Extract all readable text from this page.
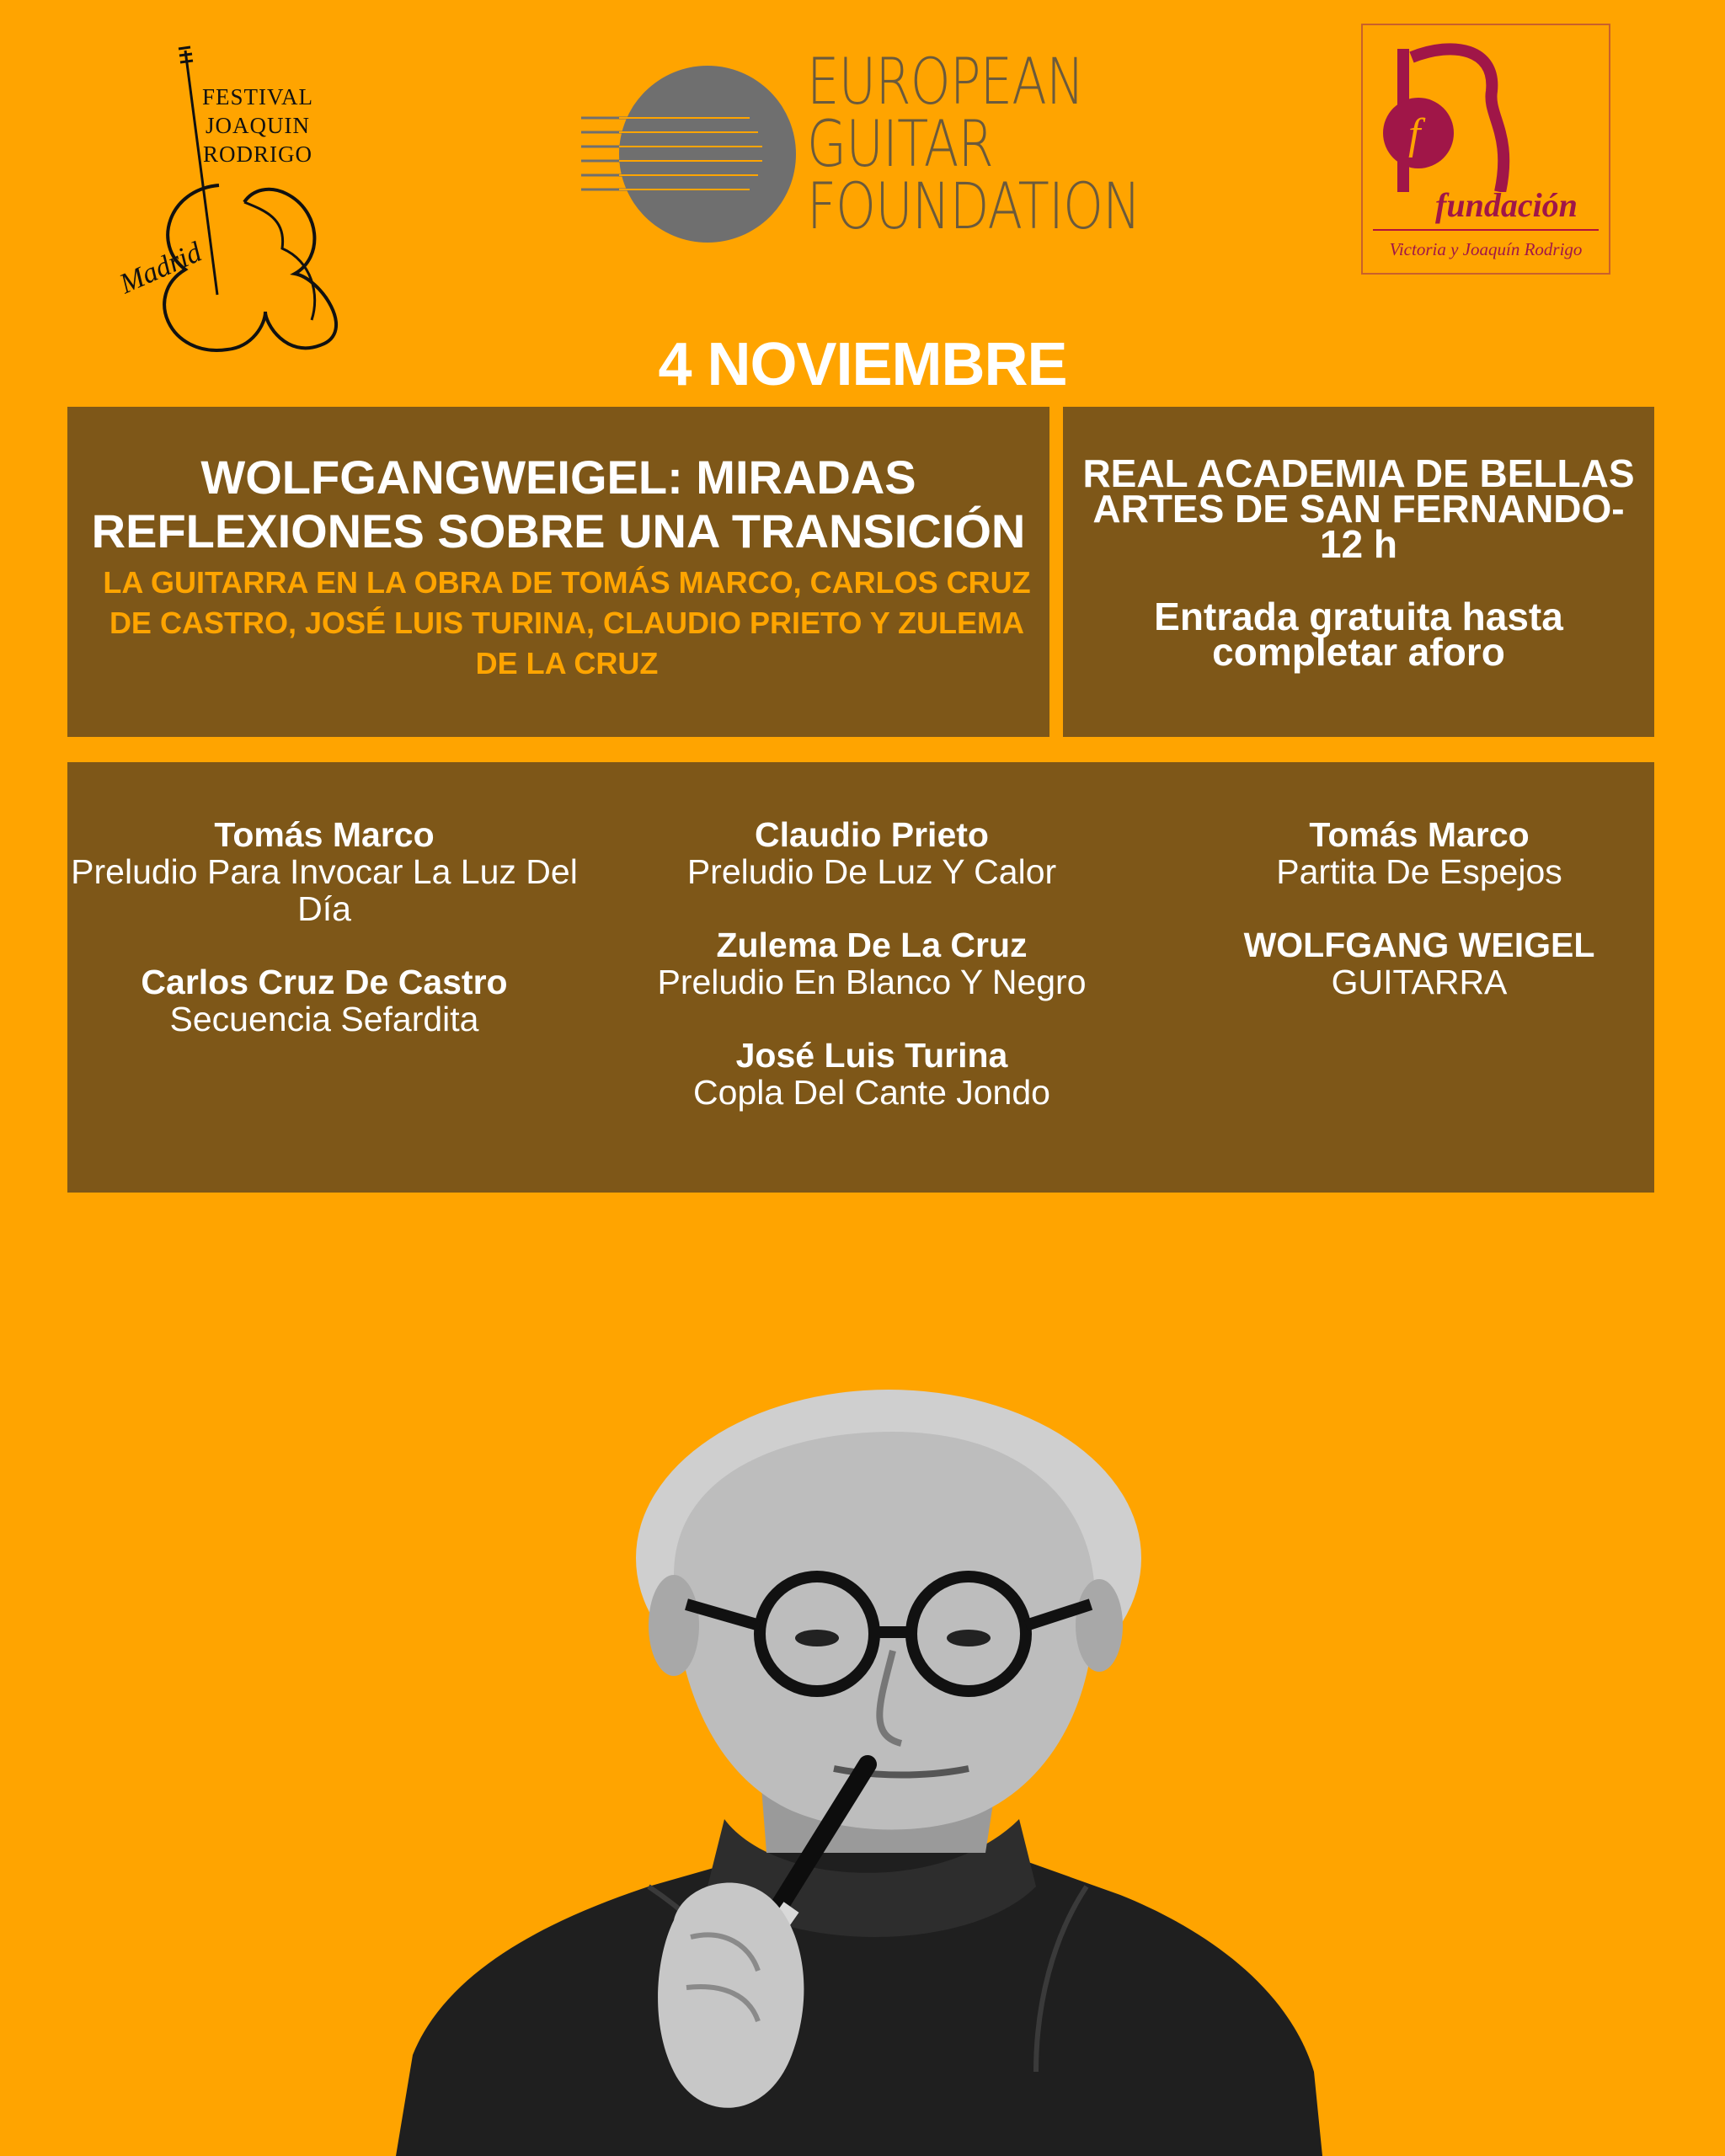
FESTIVAL
JOAQUIN
RODRIGO
Madrid
EUROPEAN
GUITAR
FOUNDATION
f
fundación
Victoria y Joaquín Rodrigo
4 NOVIEMBRE
WOLFGANGWEIGEL: MIRADAS
REFLEXIONES SOBRE UNA TRANSICIÓN
LA GUITARRA EN LA OBRA DE TOMÁS MARCO, CARLOS CRUZ DE CASTRO, JOSÉ LUIS TURINA, CLAUDIO PRIETO Y ZULEMA DE LA CRUZ
REAL ACADEMIA DE BELLAS
ARTES DE SAN FERNANDO-
12 h
Entrada gratuita hasta
completar aforo
Tomás Marco
Preludio Para Invocar La Luz Del Día
Carlos Cruz De Castro
Secuencia Sefardita
Claudio Prieto
Preludio De Luz Y Calor
Zulema De La Cruz
Preludio En Blanco Y Negro
José Luis Turina
Copla Del Cante Jondo
Tomás Marco
Partita De Espejos
WOLFGANG WEIGEL
GUITARRA
